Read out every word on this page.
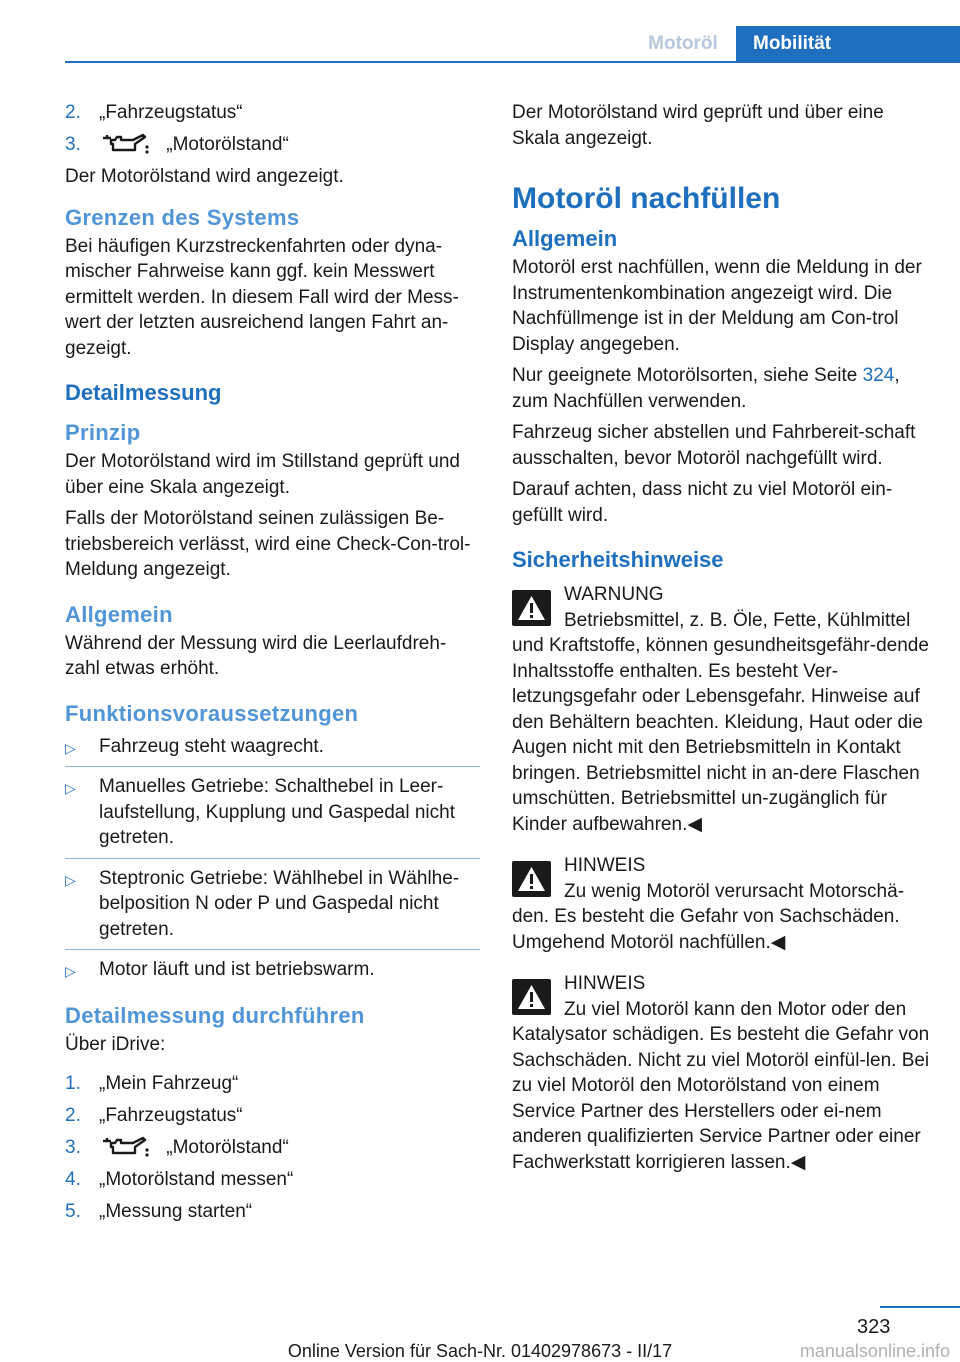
Motoröl	Mobilität
2. „Fahrzeugstatus“
3.	„Motorölstand“

Der Motorölstand wird angezeigt.

Grenzen des Systems

Bei häufigen Kurzstreckenfahrten oder dyna-mischer Fahrweise kann ggf. kein Messwert ermittelt werden. In diesem Fall wird der Mess-wert der letzten ausreichend langen Fahrt an-gezeigt.

Detailmessung
Prinzip

Der Motorölstand wird im Stillstand geprüft und über eine Skala angezeigt.

Falls der Motorölstand seinen zulässigen Be-triebsbereich verlässt, wird eine Check-Con-trol-Meldung angezeigt.

Allgemein

Während der Messung wird die Leerlaufdreh-zahl etwas erhöht.

Funktionsvoraussetzungen
▷ Fahrzeug steht waagrecht.
▷ Manuelles Getriebe: Schalthebel in Leer-laufstellung, Kupplung und Gaspedal nicht getreten.
▷ Steptronic Getriebe: Wählhebel in Wählhe-belposition N oder P und Gaspedal nicht getreten.
▷ Motor läuft und ist betriebswarm.
Detailmessung durchführen

Über iDrive:

1. „Mein Fahrzeug“
2. „Fahrzeugstatus“
3.	„Motorölstand“
4. „Motorölstand messen“
5. „Messung starten“

Der Motorölstand wird geprüft und über eine Skala angezeigt.

Motoröl nachfüllen
Allgemein

Motoröl erst nachfüllen, wenn die Meldung in der Instrumentenkombination angezeigt wird. Die Nachfüllmenge ist in der Meldung am Con-trol Display angegeben.

Nur geeignete Motorölsorten, siehe Seite 324, zum Nachfüllen verwenden.

Fahrzeug sicher abstellen und Fahrbereit-schaft ausschalten, bevor Motoröl nachgefüllt wird.

Darauf achten, dass nicht zu viel Motoröl ein-gefüllt wird.

Sicherheitshinweise
WARNUNG
Betriebsmittel, z. B. Öle, Fette, Kühlmittel
und Kraftstoffe, können gesundheitsgefähr-dende Inhaltsstoffe enthalten. Es besteht Ver-letzungsgefahr oder Lebensgefahr. Hinweise auf den Behältern beachten. Kleidung, Haut oder die Augen nicht mit den Betriebsmitteln in Kontakt bringen. Betriebsmittel nicht in an-dere Flaschen umschütten. Betriebsmittel un-zugänglich für Kinder aufbewahren.◀
HINWEIS
Zu wenig Motoröl verursacht Motorschä-
den. Es besteht die Gefahr von Sachschäden. Umgehend Motoröl nachfüllen.◀
HINWEIS
Zu viel Motoröl kann den Motor oder den
Katalysator schädigen. Es besteht die Gefahr von Sachschäden. Nicht zu viel Motoröl einfül-len. Bei zu viel Motoröl den Motorölstand von einem Service Partner des Herstellers oder ei-nem anderen qualifizierten Service Partner oder einer Fachwerkstatt korrigieren lassen.◀
323
Online Version für Sach-Nr. 01402978673 - II/17	manualsonline.info
